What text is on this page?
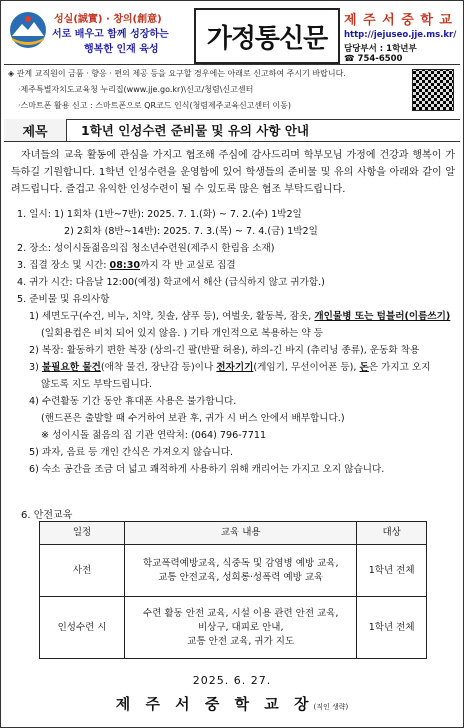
성실(誠實) · 창의(創意)
서로 배우고 함께 성장하는
행복한 인재 육성	가정통신문
제 주 서 중 학 교
http://jejuseo.jje.ms.kr/
담당부서 : 1학년부
☎ 754-6500
◈ 관계 교직원이 금품 · 향응 · 편의 제공 등을 요구할 경우에는 아래로 신고하여 주시기 바랍니다.
·제주특별자치도교육청 누리집(www.jje.go.kr)\신고/청렴\신고센터
·스마트폰 활용 신고 : 스마트폰으로 QR코드 인식(청렴제주교육신고센터 이동)
제목	1학년 인성수련 준비물 및 유의 사항 안내

자녀들의 교육 활동에 관심을 가지고 협조해 주심에 감사드리며 학부모님 가정에 건강과 행복이 가득하길 기원합니다. 1학년 인성수련을 운영함에 있어 학생들의 준비물 및 유의 사항을 아래와 같이 알려드립니다. 즐겁고 유익한 인성수련이 될 수 있도록 많은 협조 부탁드립니다.

1. 일시: 1) 1회차 (1반~7반): 2025. 7. 1.(화) ~ 7. 2.(수) 1박2일
2) 2회차 (8반~14반): 2025. 7. 3.(목) ~ 7. 4.(금) 1박2일
2. 장소: 성이시돌젊음의집 청소년수련원(제주시 한림읍 소재)
3. 집결 장소 및 시간: 08:30까지 각 반 교실로 집결
4. 귀가 시간: 다음날 12:00(예정) 학교에서 해산 (급식하지 않고 귀가함.)
5. 준비물 및 유의사항
1) 세면도구(수건, 비누, 치약, 칫솔, 샴푸 등), 여벌옷, 활동복, 잠옷, 개인물병 또는 텀블러(이름쓰기)
(일회용컵은 비치 되어 있지 않음. ) 기타 개인적으로 복용하는 약 등
2) 복장: 활동하기 편한 복장 (상의-긴 팔(반팔 허용), 하의-긴 바지 (츄리닝 종류), 운동화 착용
3) 불필요한 물건(애착 물건, 장난감 등)이나 전자기기(게임기, 무선이어폰 등), 돈은 가지고 오지
않도록 지도 부탁드립니다.
4) 수련활동 기간 동안 휴대폰 사용은 불가합니다.
(핸드폰은 출발할 때 수거하여 보관 후, 귀가 시 버스 안에서 배부합니다.)
※ 성이시돌 젊음의 집 기관 연락처: (064) 796-7711
5) 과자, 음료 등 개인 간식은 가져오지 않습니다.
6) 숙소 공간을 조금 더 넓고 쾌적하게 사용하기 위해 캐리어는 가지고 오지 않습니다.
6. 안전교육
일정	교육 내용	대상
사전	학교폭력예방교육, 식중독 및 감염병 예방 교육,
교통 안전교육, 성희롱·성폭력 예방 교육	1학년 전체
인성수련 시	수련 활동 안전 교육, 시설 이용 관련 안전 교육,
비상구, 대피로 안내,
교통 안전 교육, 귀가 지도	1학년 전체
2025. 6. 27.
제 주 서 중 학 교 장(직인 생략)
